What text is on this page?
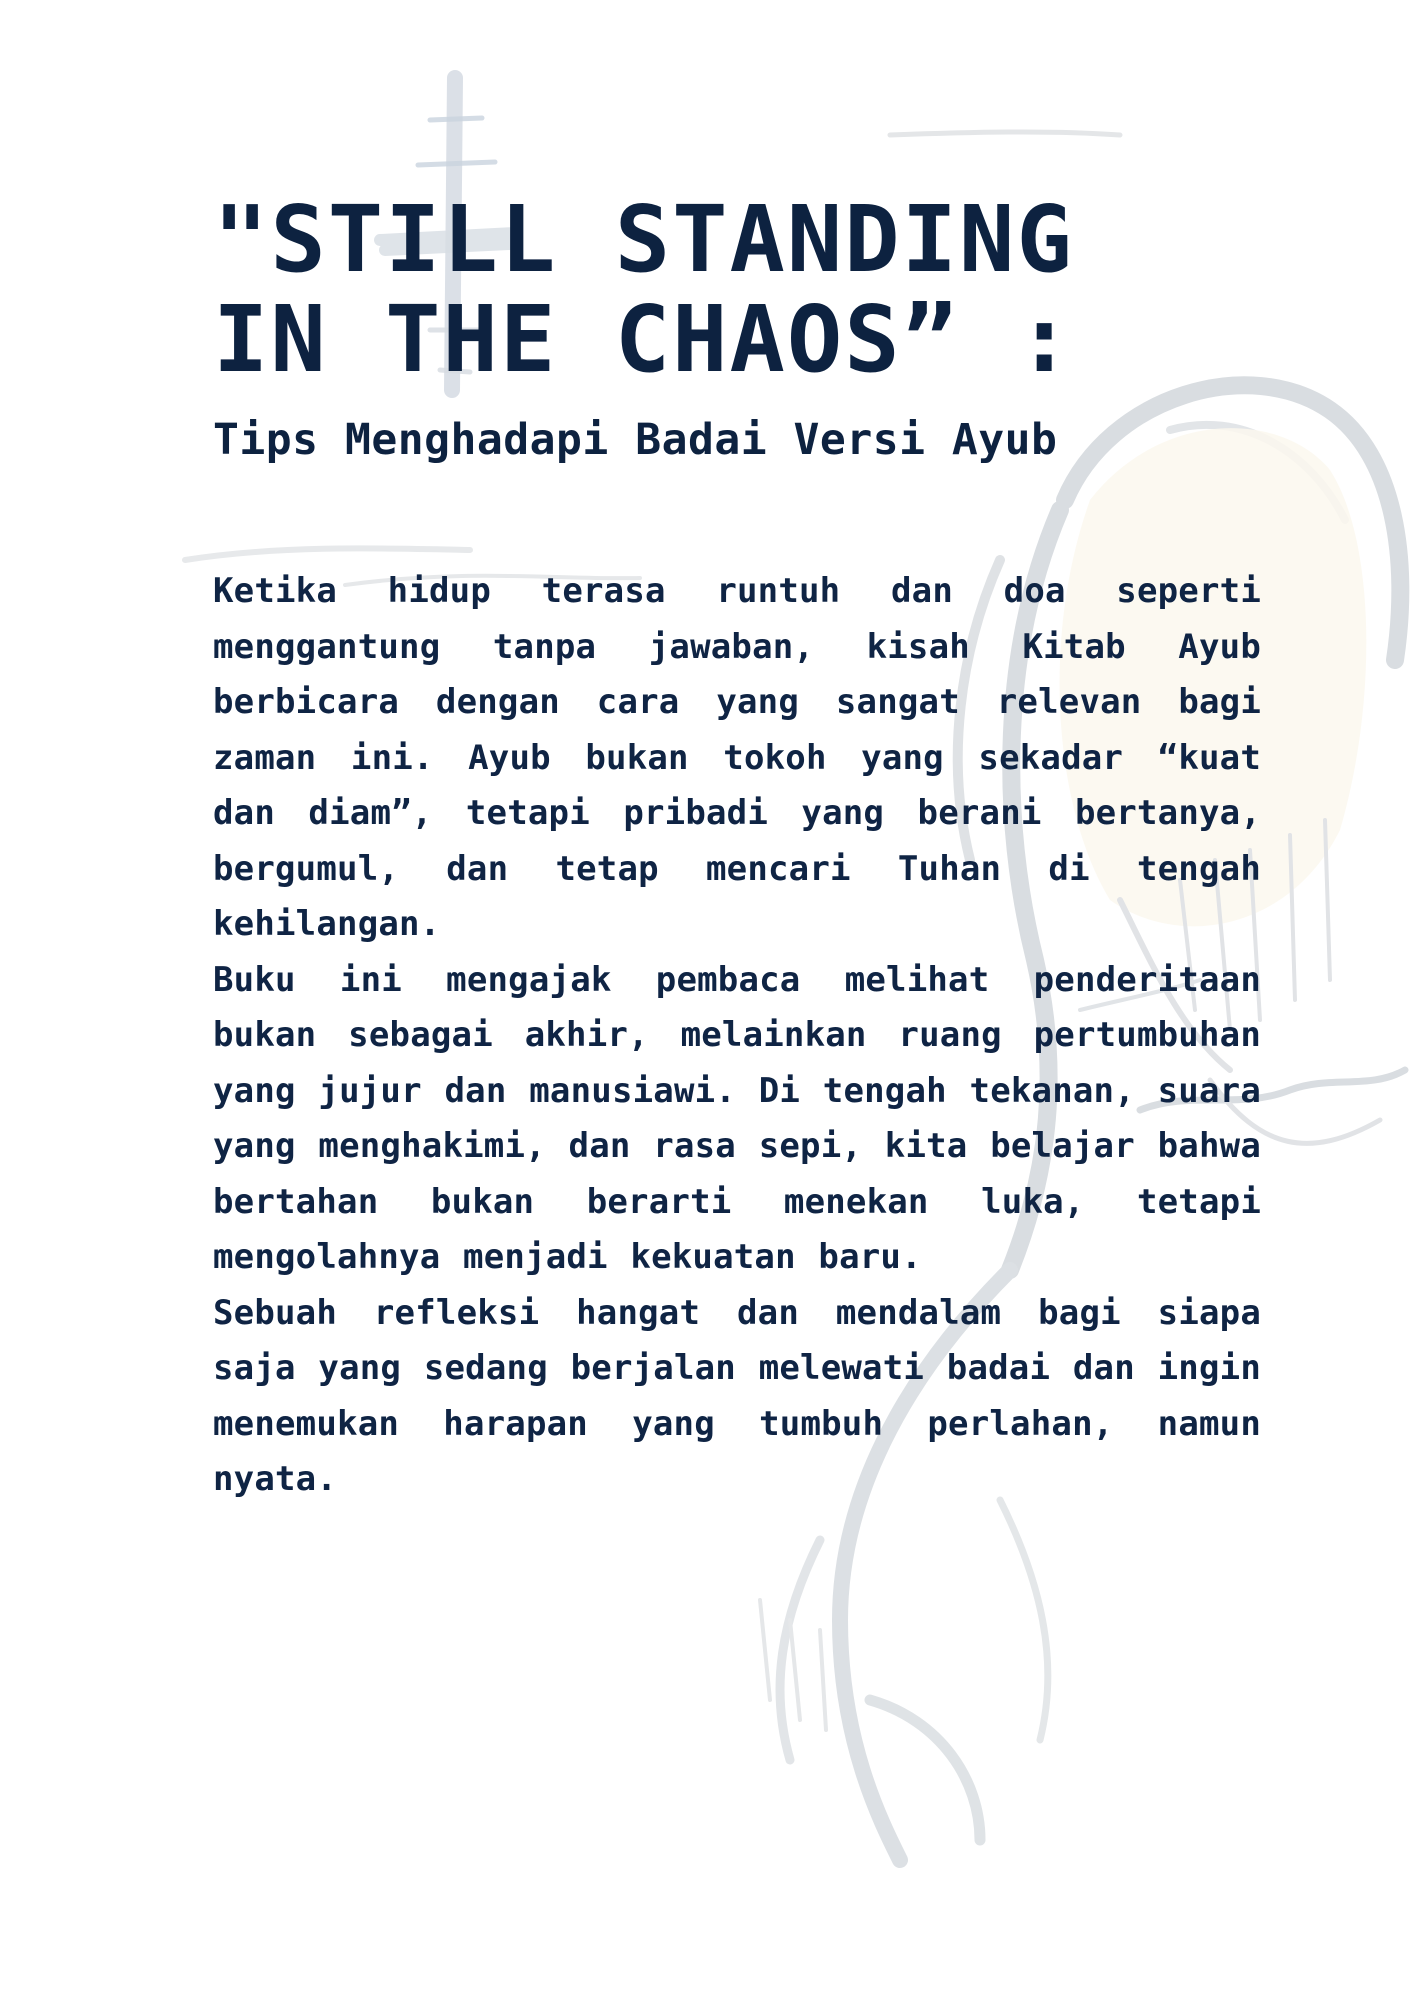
"STILL STANDING
IN THE CHAOS” :
Tips Menghadapi Badai Versi Ayub

Ketika hidup terasa runtuh dan doa seperti menggantung tanpa jawaban, kisah Kitab Ayub berbicara dengan cara yang sangat relevan bagi zaman ini. Ayub bukan tokoh yang sekadar “kuat dan diam”, tetapi pribadi yang berani bertanya, bergumul, dan tetap mencari Tuhan di tengah kehilangan.

Buku ini mengajak pembaca melihat penderitaan bukan sebagai akhir, melainkan ruang pertumbuhan yang jujur dan manusiawi. Di tengah tekanan, suara yang menghakimi, dan rasa sepi, kita belajar bahwa bertahan bukan berarti menekan luka, tetapi mengolahnya menjadi kekuatan baru.

Sebuah refleksi hangat dan mendalam bagi siapa saja yang sedang berjalan melewati badai dan ingin menemukan harapan yang tumbuh perlahan, namun nyata.
